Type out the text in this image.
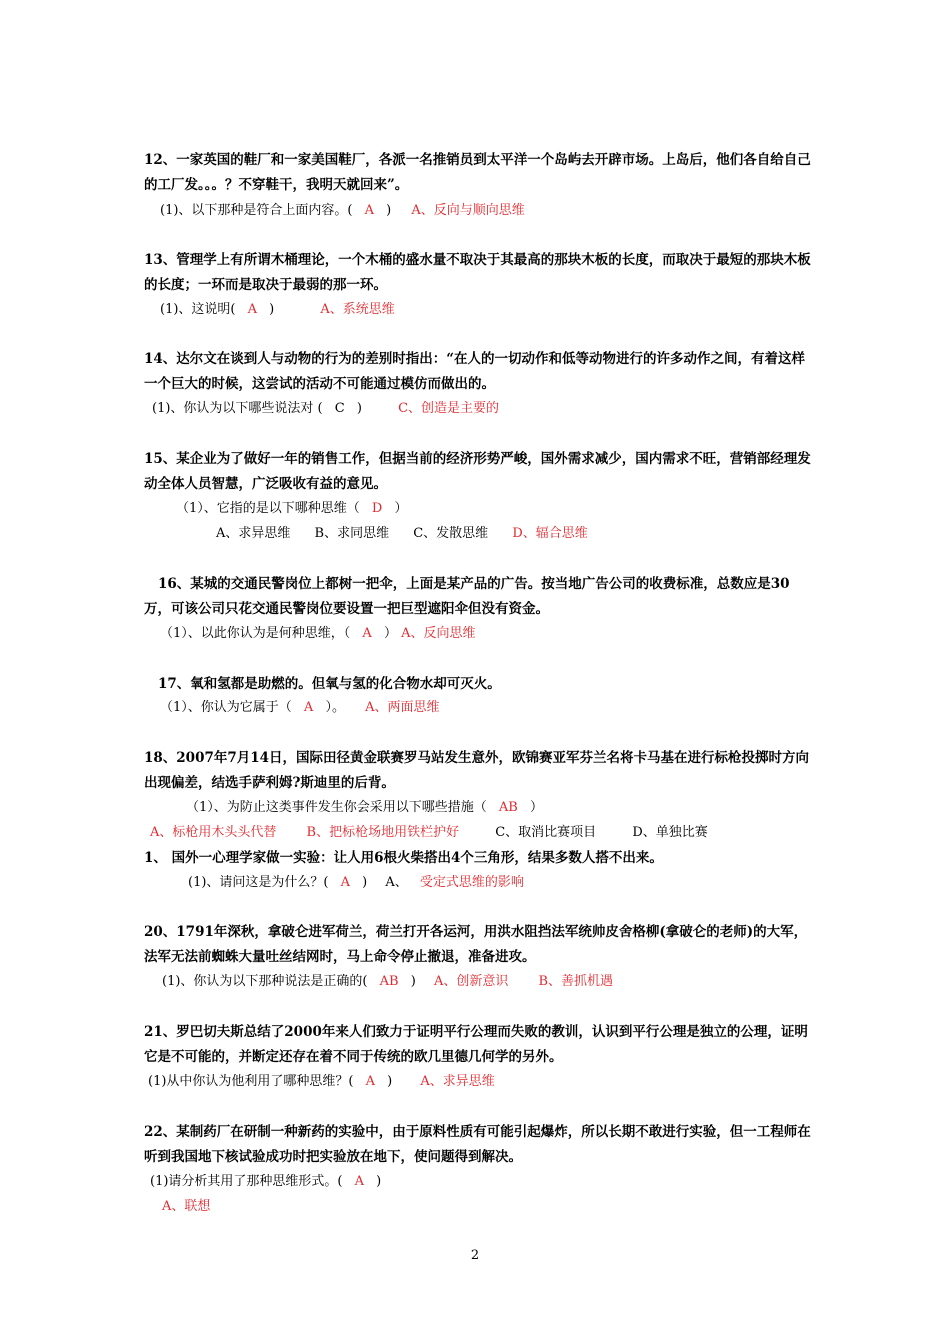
12、一家英国的鞋厂和一家美国鞋厂，各派一名推销员到太平洋一个岛屿去开辟市场。上岛后，他们各自给自己的工厂发。。。？不穿鞋干，我明天就回来”。
(1)、以下那种是符合上面内容。( A ) A、反向与顺向思维
13、管理学上有所谓木桶理论，一个木桶的盛水量不取决于其最高的那块木板的长度，而取决于最短的那块木板的长度；一环而是取决于最弱的那一环。
(1)、这说明( A )	A、系统思维
14、达尔文在谈到人与动物的行为的差别时指出：“在人的一切动作和低等动物进行的许多动作之间，有着这样一个巨大的时候，这尝试的活动不可能通过模仿而做出的。
(1)、你认为以下哪些说法对 ( C )	C、创造是主要的
15、某企业为了做好一年的销售工作，但据当前的经济形势严峻，国外需求减少，国内需求不旺，营销部经理发动全体人员智慧，广泛吸收有益的意见。
（1）、它指的是以下哪种思维（ D ）
A、求异思维 B、求同思维 C、发散思维 D、辐合思维
16、某城的交通民警岗位上都树一把伞，上面是某产品的广告。按当地广告公司的收费标准，总数应是30万，可该公司只花交通民警岗位要设置一把巨型遮阳伞但没有资金。
（1）、以此你认为是何种思维，（ A ） A、反向思维
17、氧和氢都是助燃的。但氧与氢的化合物水却可灭火。
（1）、你认为它属于（ A ）。 A、两面思维
18、2007年7月14日，国际田径黄金联赛罗马站发生意外，欧锦赛亚军芬兰名将卡马基在进行标枪投掷时方向出现偏差，结选手萨利姆?斯迪里的后背。
（1）、为防止这类事件发生你会采用以下哪些措施（ AB ）
A、标枪用木头头代替 B、把标枪场地用铁栏护好	C、取消比赛项目	D、单独比赛
1、 国外一心理学家做一实验：让人用6根火柴搭出4个三角形，结果多数人搭不出来。
(1)、请问这是为什么？( A ) A、 受定式思维的影响
20、1791年深秋，拿破仑进军荷兰，荷兰打开各运河，用洪水阻挡法军统帅皮舍格柳(拿破仑的老师)的大军，法军无法前蜘蛛大量吐丝结网时，马上命令停止撤退，准备进攻。
(1)、你认为以下那种说法是正确的( AB ) A、创新意识 B、善抓机遇
21、罗巴切夫斯总结了2000年来人们致力于证明平行公理而失败的教训，认识到平行公理是独立的公理，证明它是不可能的，并断定还存在着不同于传统的欧几里德几何学的另外。
(1)从中你认为他利用了哪种思维？( A ) A、求异思维
22、某制药厂在研制一种新药的实验中，由于原料性质有可能引起爆炸，所以长期不敢进行实验，但一工程师在听到我国地下核试验成功时把实验放在地下，使问题得到解决。
(1)请分析其用了那种思维形式。( A )
A、联想
2
